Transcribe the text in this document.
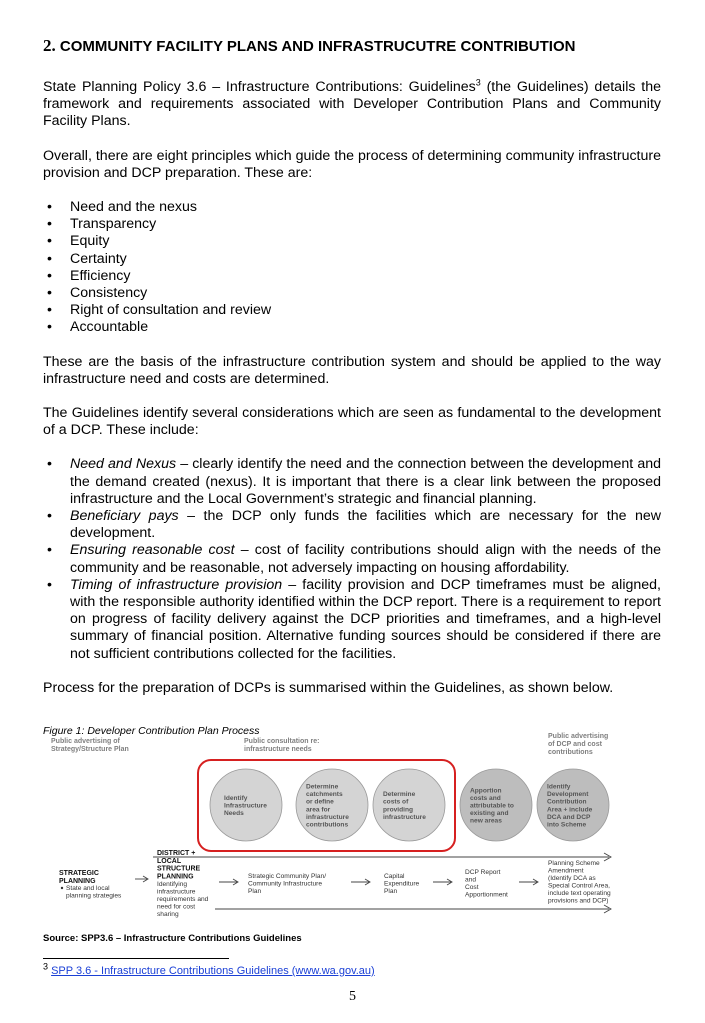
2. COMMUNITY FACILITY PLANS AND INFRASTRUCUTRE CONTRIBUTION

State Planning Policy 3.6 – Infrastructure Contributions: Guidelines$^3$ (the Guidelines) details the framework and requirements associated with Developer Contribution Plans and Community Facility Plans.

Overall, there are eight principles which guide the process of determining community infrastructure provision and DCP preparation. These are:

• Need and the nexus
• Transparency
• Equity
• Certainty
• Efficiency
• Consistency
• Right of consultation and review
• Accountable

These are the basis of the infrastructure contribution system and should be applied to the way infrastructure need and costs are determined.

The Guidelines identify several considerations which are seen as fundamental to the development of a DCP. These include:

• Need and Nexus – clearly identify the need and the connection between the development and the demand created (nexus). It is important that there is a clear link between the proposed infrastructure and the Local Government’s strategic and financial planning.
• Beneficiary pays – the DCP only funds the facilities which are necessary for the new development.
• Ensuring reasonable cost – cost of facility contributions should align with the needs of the community and be reasonable, not adversely impacting on housing affordability.
• Timing of infrastructure provision – facility provision and DCP timeframes must be aligned, with the responsible authority identified within the DCP report. There is a requirement to report on progress of facility delivery against the DCP priorities and timeframes, and a high-level summary of financial position. Alternative funding sources should be considered if there are not sufficient contributions collected for the facilities.

Process for the preparation of DCPs is summarised within the Guidelines, as shown below.

Figure 1: Developer Contribution Plan Process
Public advertising of Strategy/Structure Plan
Public consultation re: infrastructure needs
Public advertising of DCP and cost contributions
Identify Infrastructure Needs
Determine catchments or define area for infrastructure contributions
Determine costs of providing infrastructure
Apportion costs and attributable to existing and new areas
Identify Development Contribution Area + include DCA and DCP into Scheme
STRATEGIC PLANNING
State and local planning strategies
DISTRICT + LOCAL STRUCTURE PLANNING
Identifying infrastructure requirements and need for cost sharing
Strategic Community Plan/ Community Infrastructure Plan
Capital Expenditure Plan
DCP Report and Cost Apportionment
Planning Scheme Amendment (Identify DCA as Special Control Area, include text operating provisions and DCP)
Source: SPP3.6 – Infrastructure Contributions Guidelines
$^3$ SPP 3.6 - Infrastructure Contributions Guidelines (www.wa.gov.au)
5
